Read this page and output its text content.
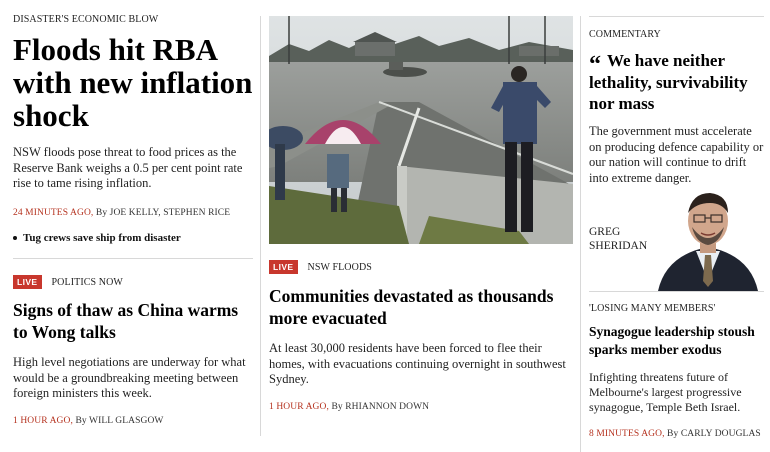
DISASTER'S ECONOMIC BLOW
Floods hit RBA with new inflation shock
NSW floods pose threat to food prices as the Reserve Bank weighs a 0.5 per cent point rate rise to tame rising inflation.
24 MINUTES AGO, By JOE KELLY, STEPHEN RICE
Tug crews save ship from disaster
LIVE	POLITICS NOW
Signs of thaw as China warms to Wong talks
High level negotiations are underway for what would be a groundbreaking meeting between foreign ministers this week.
1 HOUR AGO, By WILL GLASGOW
LIVE	NSW FLOODS
Communities devastated as thousands more evacuated
At least 30,000 residents have been forced to flee their homes, with evacuations continuing overnight in southwest Sydney.
1 HOUR AGO, By RHIANNON DOWN
COMMENTARY
“ We have neither lethality, survivability nor mass
The government must accelerate on producing defence capability or our nation will continue to drift into extreme danger.
GREG
SHERIDAN
'LOSING MANY MEMBERS'
Synagogue leadership stoush sparks member exodus
Infighting threatens future of Melbourne's largest progressive synagogue, Temple Beth Israel.
8 MINUTES AGO, By CARLY DOUGLAS
